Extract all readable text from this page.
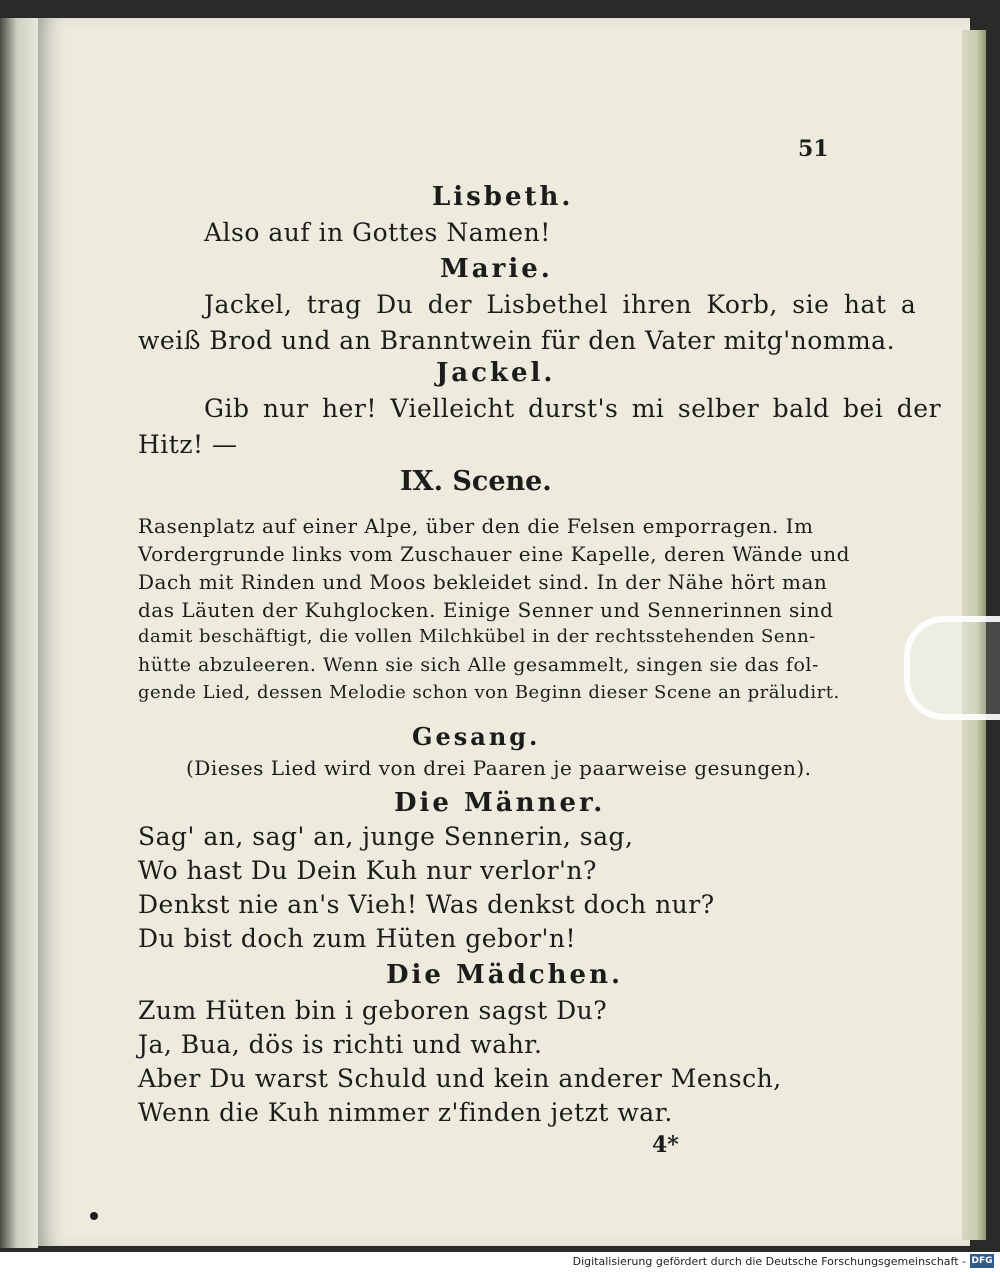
51
Lisbeth.
Also auf in Gottes Namen!
Marie.
Jackel, trag Du der Lisbethel ihren Korb, sie hat a
weiß Brod und an Branntwein für den Vater mitg'nomma.
Jackel.
Gib nur her! Vielleicht durst's mi selber bald bei der
Hitz! —
IX. Scene.
Rasenplatz auf einer Alpe, über den die Felsen emporragen. Im
Vordergrunde links vom Zuschauer eine Kapelle, deren Wände und
Dach mit Rinden und Moos bekleidet sind. In der Nähe hört man
das Läuten der Kuhglocken. Einige Senner und Sennerinnen sind
damit beschäftigt, die vollen Milchkübel in der rechtsstehenden Senn-
hütte abzuleeren. Wenn sie sich Alle gesammelt, singen sie das fol-
gende Lied, dessen Melodie schon von Beginn dieser Scene an präludirt.
Gesang.
(Dieses Lied wird von drei Paaren je paarweise gesungen).
Die Männer.
Sag' an, sag' an, junge Sennerin, sag,
Wo hast Du Dein Kuh nur verlor'n?
Denkst nie an's Vieh! Was denkst doch nur?
Du bist doch zum Hüten gebor'n!
Die Mädchen.
Zum Hüten bin i geboren sagst Du?
Ja, Bua, dös is richti und wahr.
Aber Du warst Schuld und kein anderer Mensch,
Wenn die Kuh nimmer z'finden jetzt war.
4*
Digitalisierung gefördert durch die Deutsche Forschungsgemeinschaft - DFG
